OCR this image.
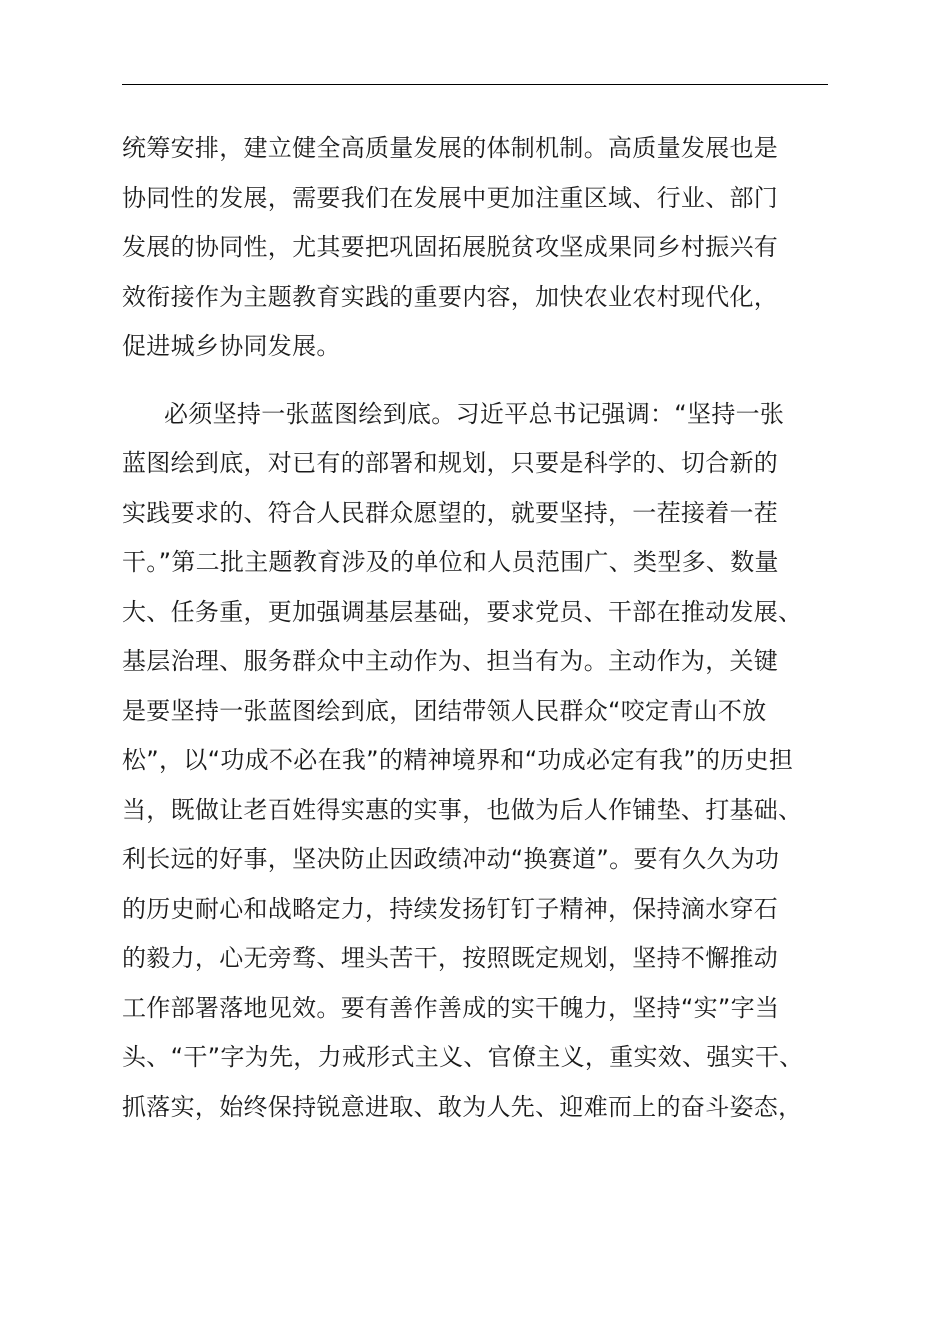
统筹安排，建立健全高质量发展的体制机制。高质量发展也是
协同性的发展，需要我们在发展中更加注重区域、行业、部门
发展的协同性，尤其要把巩固拓展脱贫攻坚成果同乡村振兴有
效衔接作为主题教育实践的重要内容，加快农业农村现代化，
促进城乡协同发展。
必须坚持一张蓝图绘到底。习近平总书记强调：“坚持一张
蓝图绘到底，对已有的部署和规划，只要是科学的、切合新的
实践要求的、符合人民群众愿望的，就要坚持，一茬接着一茬
干。”第二批主题教育涉及的单位和人员范围广、类型多、数量
大、任务重，更加强调基层基础，要求党员、干部在推动发展、
基层治理、服务群众中主动作为、担当有为。主动作为，关键
是要坚持一张蓝图绘到底，团结带领人民群众“咬定青山不放
松”，以“功成不必在我”的精神境界和“功成必定有我”的历史担
当，既做让老百姓得实惠的实事，也做为后人作铺垫、打基础、
利长远的好事，坚决防止因政绩冲动“换赛道”。要有久久为功
的历史耐心和战略定力，持续发扬钉钉子精神，保持滴水穿石
的毅力，心无旁骛、埋头苦干，按照既定规划，坚持不懈推动
工作部署落地见效。要有善作善成的实干魄力，坚持“实”字当
头、“干”字为先，力戒形式主义、官僚主义，重实效、强实干、
抓落实，始终保持锐意进取、敢为人先、迎难而上的奋斗姿态，
